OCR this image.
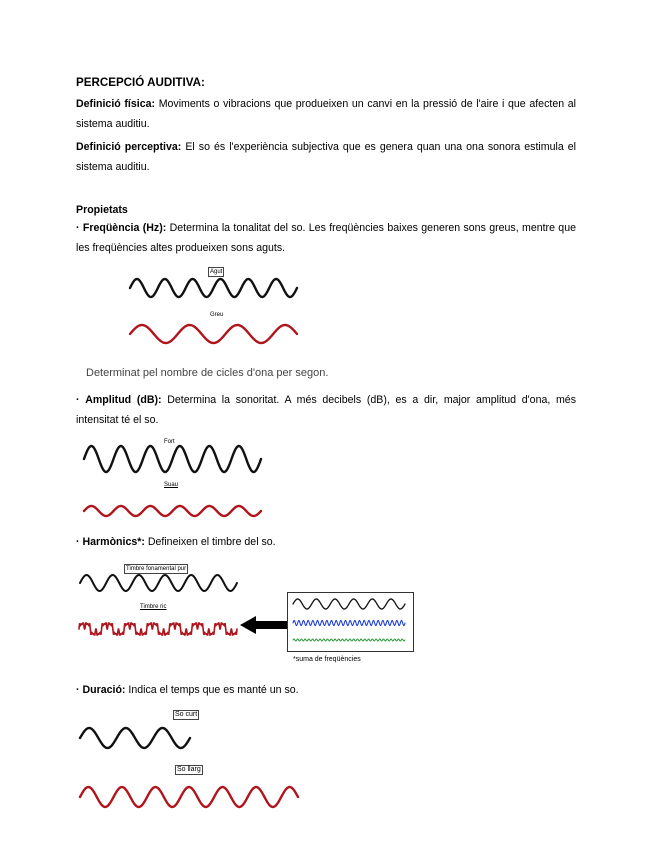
PERCEPCIÓ AUDITIVA:
Definició física: Moviments o vibracions que produeixen un canvi en la pressió de l'aire i que afecten al sistema auditiu.
Definició perceptiva: El so és l'experiència subjectiva que es genera quan una ona sonora estimula el sistema auditiu.
Propietats
· Freqüència (Hz): Determina la tonalitat del so. Les freqüències baixes generen sons greus, mentre que les freqüències altes produeixen sons aguts.
Agut
Greu
Determinat pel nombre de cicles d'ona per segon.
· Amplitud (dB): Determina la sonoritat. A més decibels (dB), es a dir, major amplitud d'ona, més intensitat té el so.
Fort
Suau
· Harmònics*: Defineixen el timbre del so.
Timbre fonamental pur
Timbre ric
*suma de freqüències
· Duració: Indica el temps que es manté un so.
So curt
So llarg
